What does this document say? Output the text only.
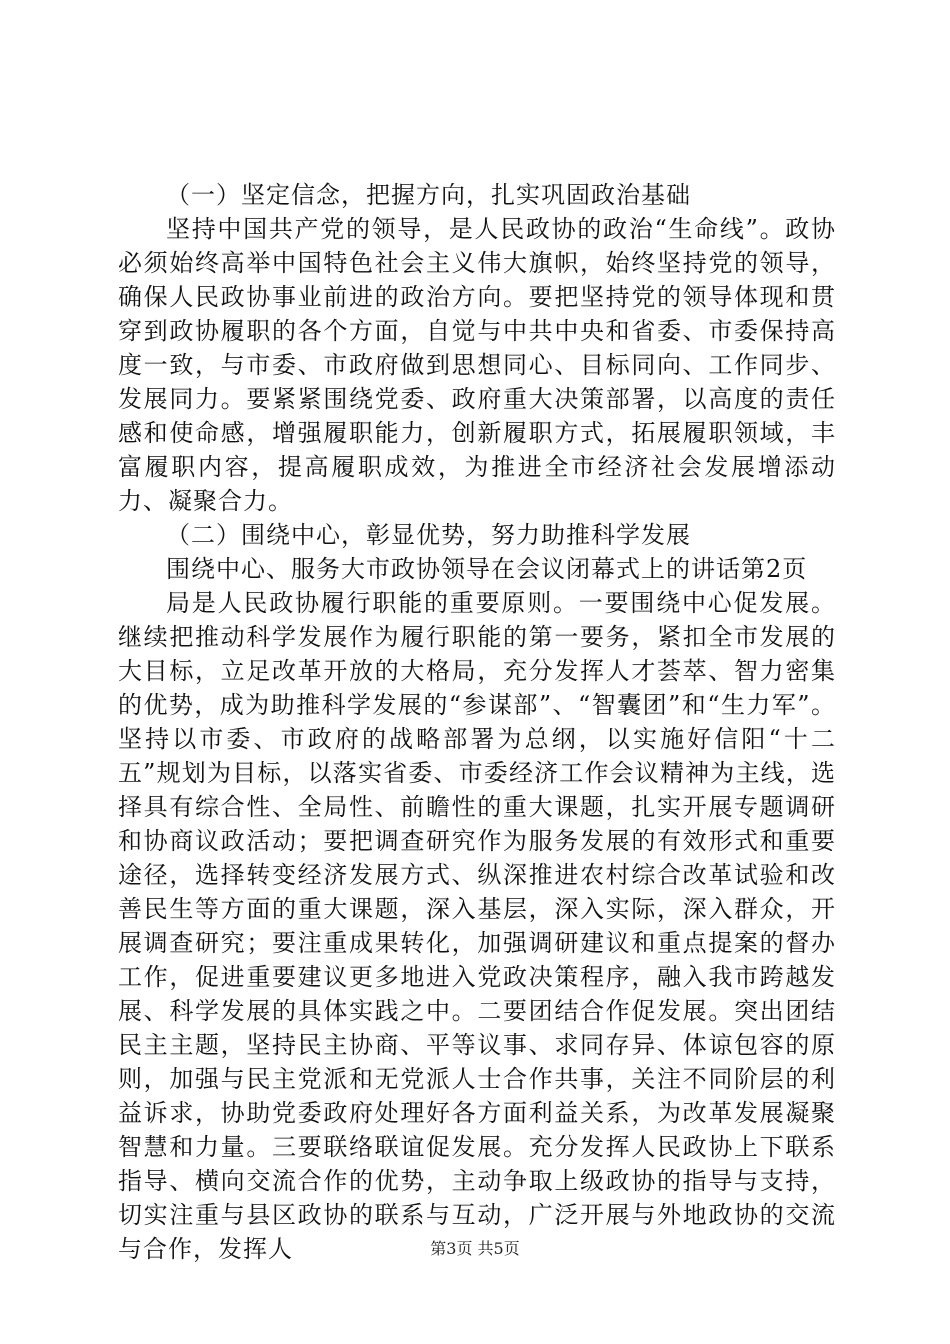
（一）坚定信念，把握方向，扎实巩固政治基础

坚持中国共产党的领导，是人民政协的政治“生命线”。政协必须始终高举中国特色社会主义伟大旗帜，始终坚持党的领导，确保人民政协事业前进的政治方向。要把坚持党的领导体现和贯穿到政协履职的各个方面，自觉与中共中央和省委、市委保持高度一致，与市委、市政府做到思想同心、目标同向、工作同步、发展同力。要紧紧围绕党委、政府重大决策部署，以高度的责任感和使命感，增强履职能力，创新履职方式，拓展履职领域，丰富履职内容，提高履职成效，为推进全市经济社会发展增添动力、凝聚合力。

（二）围绕中心，彰显优势，努力助推科学发展

围绕中心、服务大市政协领导在会议闭幕式上的讲话第2页

局是人民政协履行职能的重要原则。一要围绕中心促发展。继续把推动科学发展作为履行职能的第一要务，紧扣全市发展的大目标，立足改革开放的大格局，充分发挥人才荟萃、智力密集的优势，成为助推科学发展的“参谋部”、“智囊团”和“生力军”。坚持以市委、市政府的战略部署为总纲，以实施好信阳“十二五”规划为目标，以落实省委、市委经济工作会议精神为主线，选择具有综合性、全局性、前瞻性的重大课题，扎实开展专题调研和协商议政活动；要把调查研究作为服务发展的有效形式和重要途径，选择转变经济发展方式、纵深推进农村综合改革试验和改善民生等方面的重大课题，深入基层，深入实际，深入群众，开展调查研究；要注重成果转化，加强调研建议和重点提案的督办工作，促进重要建议更多地进入党政决策程序，融入我市跨越发展、科学发展的具体实践之中。二要团结合作促发展。突出团结民主主题，坚持民主协商、平等议事、求同存异、体谅包容的原则，加强与民主党派和无党派人士合作共事，关注不同阶层的利益诉求，协助党委政府处理好各方面利益关系，为改革发展凝聚智慧和力量。三要联络联谊促发展。充分发挥人民政协上下联系指导、横向交流合作的优势，主动争取上级政协的指导与支持，切实注重与县区政协的联系与互动，广泛开展与外地政协的交流与合作，发挥人	第3页 共5页
